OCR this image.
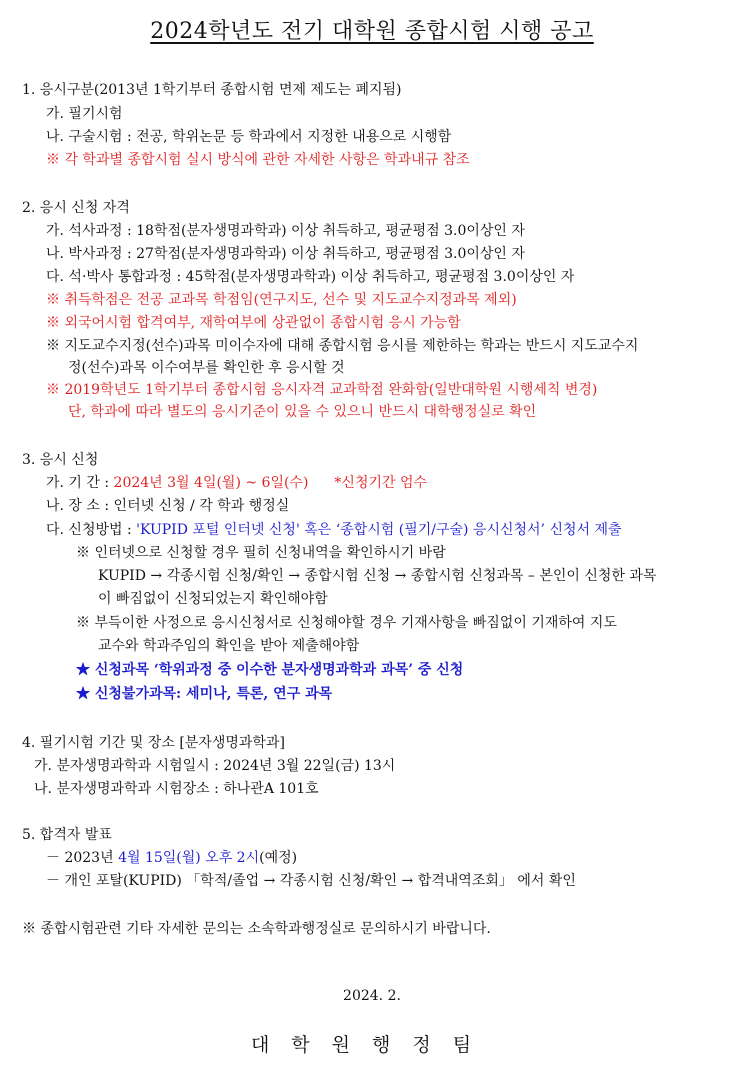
2024학년도 전기 대학원 종합시험 시행 공고
1. 응시구분(2013년 1학기부터 종합시험 면제 제도는 폐지됨)
가. 필기시험
나. 구술시험 : 전공, 학위논문 등 학과에서 지정한 내용으로 시행함
※ 각 학과별 종합시험 실시 방식에 관한 자세한 사항은 학과내규 참조
2. 응시 신청 자격
가. 석사과정 : 18학점(분자생명과학과) 이상 취득하고, 평균평점 3.0이상인 자
나. 박사과정 : 27학점(분자생명과학과) 이상 취득하고, 평균평점 3.0이상인 자
다. 석·박사 통합과정 : 45학점(분자생명과학과) 이상 취득하고, 평균평점 3.0이상인 자
※ 취득학점은 전공 교과목 학점임(연구지도, 선수 및 지도교수지정과목 제외)
※ 외국어시험 합격여부, 재학여부에 상관없이 종합시험 응시 가능함
※ 지도교수지정(선수)과목 미이수자에 대해 종합시험 응시를 제한하는 학과는 반드시 지도교수지
정(선수)과목 이수여부를 확인한 후 응시할 것
※ 2019학년도 1학기부터 종합시험 응시자격 교과학점 완화함(일반대학원 시행세칙 변경)
단, 학과에 따라 별도의 응시기준이 있을 수 있으니 반드시 대학행정실로 확인
3. 응시 신청
가. 기 간 : 2024년 3월 4일(월) ~ 6일(수) *신청기간 엄수
나. 장 소 : 인터넷 신청 / 각 학과 행정실
다. 신청방법 : 'KUPID 포털 인터넷 신청' 혹은 ‘종합시험 (필기/구술) 응시신청서’ 신청서 제출
※ 인터넷으로 신청할 경우 필히 신청내역을 확인하시기 바람
KUPID → 각종시험 신청/확인 → 종합시험 신청 → 종합시험 신청과목 – 본인이 신청한 과목
이 빠짐없이 신청되었는지 확인해야함
※ 부득이한 사정으로 응시신청서로 신청해야할 경우 기재사항을 빠짐없이 기재하여 지도
교수와 학과주임의 확인을 받아 제출해야함
★ 신청과목 ‘학위과정 중 이수한 분자생명과학과 과목’ 중 신청
★ 신청불가과목: 세미나, 특론, 연구 과목
4. 필기시험 기간 및 장소 [분자생명과학과]
가. 분자생명과학과 시험일시 : 2024년 3월 22일(금) 13시
나. 분자생명과학과 시험장소 : 하나관A 101호
5. 합격자 발표
－ 2023년 4월 15일(월) 오후 2시(예정)
－ 개인 포탈(KUPID) 「학적/졸업 → 각종시험 신청/확인 → 합격내역조회」 에서 확인
※ 종합시험관련 기타 자세한 문의는 소속학과행정실로 문의하시기 바랍니다.
2024. 2.
대학원행정팀
